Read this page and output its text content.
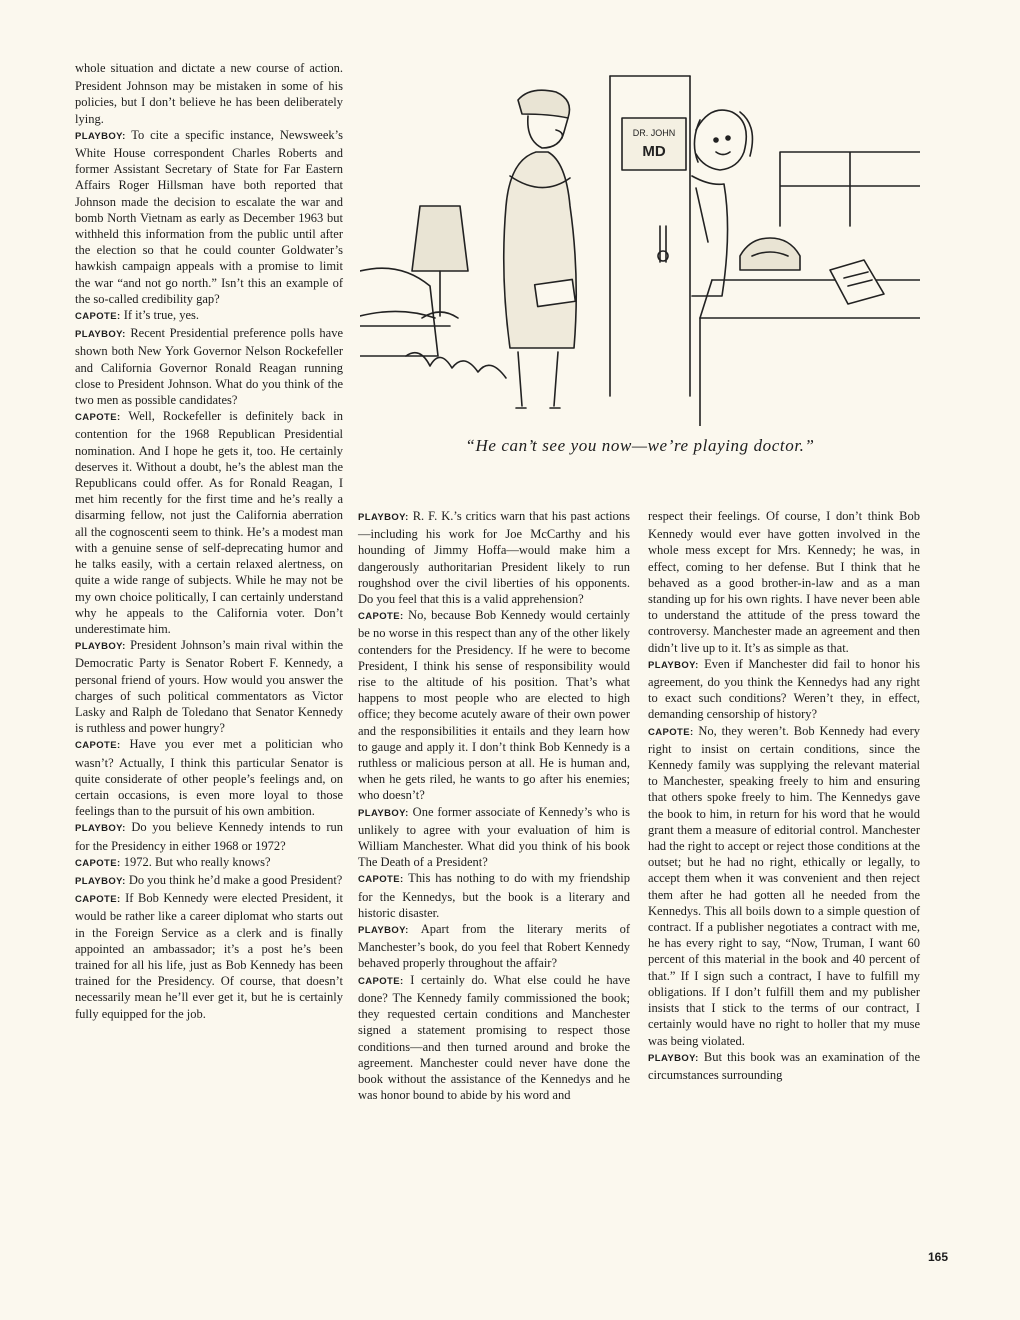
whole situation and dictate a new course of action. President Johnson may be mistaken in some of his policies, but I don’t believe he has been deliberately lying.

PLAYBOY: To cite a specific instance, Newsweek’s White House correspondent Charles Roberts and former Assistant Secretary of State for Far Eastern Affairs Roger Hillsman have both reported that Johnson made the decision to escalate the war and bomb North Vietnam as early as December 1963 but withheld this information from the public until after the election so that he could counter Goldwater’s hawkish campaign appeals with a promise to limit the war “and not go north.” Isn’t this an example of the so-called credibility gap?

CAPOTE: If it’s true, yes.

PLAYBOY: Recent Presidential preference polls have shown both New York Governor Nelson Rockefeller and California Governor Ronald Reagan running close to President Johnson. What do you think of the two men as possible candidates?

CAPOTE: Well, Rockefeller is definitely back in contention for the 1968 Republican Presidential nomination. And I hope he gets it, too. He certainly deserves it. Without a doubt, he’s the ablest man the Republicans could offer. As for Ronald Reagan, I met him recently for the first time and he’s really a disarming fellow, not just the California aberration all the cognoscenti seem to think. He’s a modest man with a genuine sense of self-deprecating humor and he talks easily, with a certain relaxed alertness, on quite a wide range of subjects. While he may not be my own choice politically, I can certainly understand why he appeals to the California voter. Don’t underestimate him.

PLAYBOY: President Johnson’s main rival within the Democratic Party is Senator Robert F. Kennedy, a personal friend of yours. How would you answer the charges of such political commentators as Victor Lasky and Ralph de Toledano that Senator Kennedy is ruthless and power hungry?

CAPOTE: Have you ever met a politician who wasn’t? Actually, I think this particular Senator is quite considerate of other people’s feelings and, on certain occasions, is even more loyal to those feelings than to the pursuit of his own ambition.

PLAYBOY: Do you believe Kennedy intends to run for the Presidency in either 1968 or 1972?

CAPOTE: 1972. But who really knows?

PLAYBOY: Do you think he’d make a good President?

CAPOTE: If Bob Kennedy were elected President, it would be rather like a career diplomat who starts out in the Foreign Service as a clerk and is finally appointed an ambassador; it’s a post he’s been trained for all his life, just as Bob Kennedy has been trained for the Presidency. Of course, that doesn’t necessarily mean he’ll ever get it, but he is certainly fully equipped for the job.

DR. JOHN
MD
“He can’t see you now—we’re playing doctor.”

PLAYBOY: R. F. K.’s critics warn that his past actions—including his work for Joe McCarthy and his hounding of Jimmy Hoffa—would make him a dangerously authoritarian President likely to run roughshod over the civil liberties of his opponents. Do you feel that this is a valid apprehension?

CAPOTE: No, because Bob Kennedy would certainly be no worse in this respect than any of the other likely contenders for the Presidency. If he were to become President, I think his sense of responsibility would rise to the altitude of his position. That’s what happens to most people who are elected to high office; they become acutely aware of their own power and the responsibilities it entails and they learn how to gauge and apply it. I don’t think Bob Kennedy is a ruthless or malicious person at all. He is human and, when he gets riled, he wants to go after his enemies; who doesn’t?

PLAYBOY: One former associate of Kennedy’s who is unlikely to agree with your evaluation of him is William Manchester. What did you think of his book The Death of a President?

CAPOTE: This has nothing to do with my friendship for the Kennedys, but the book is a literary and historic disaster.

PLAYBOY: Apart from the literary merits of Manchester’s book, do you feel that Robert Kennedy behaved properly throughout the affair?

CAPOTE: I certainly do. What else could he have done? The Kennedy family commissioned the book; they requested certain conditions and Manchester signed a statement promising to respect those conditions—and then turned around and broke the agreement. Manchester could never have done the book without the assistance of the Kennedys and he was honor bound to abide by his word and

respect their feelings. Of course, I don’t think Bob Kennedy would ever have gotten involved in the whole mess except for Mrs. Kennedy; he was, in effect, coming to her defense. But I think that he behaved as a good brother-in-law and as a man standing up for his own rights. I have never been able to understand the attitude of the press toward the controversy. Manchester made an agreement and then didn’t live up to it. It’s as simple as that.

PLAYBOY: Even if Manchester did fail to honor his agreement, do you think the Kennedys had any right to exact such conditions? Weren’t they, in effect, demanding censorship of history?

CAPOTE: No, they weren’t. Bob Kennedy had every right to insist on certain conditions, since the Kennedy family was supplying the relevant material to Manchester, speaking freely to him and ensuring that others spoke freely to him. The Kennedys gave the book to him, in return for his word that he would grant them a measure of editorial control. Manchester had the right to accept or reject those conditions at the outset; but he had no right, ethically or legally, to accept them when it was convenient and then reject them after he had gotten all he needed from the Kennedys. This all boils down to a simple question of contract. If a publisher negotiates a contract with me, he has every right to say, “Now, Truman, I want 60 percent of this material in the book and 40 percent of that.” If I sign such a contract, I have to fulfill my obligations. If I don’t fulfill them and my publisher insists that I stick to the terms of our contract, I certainly would have no right to holler that my muse was being violated.

PLAYBOY: But this book was an examination of the circumstances surrounding

165
